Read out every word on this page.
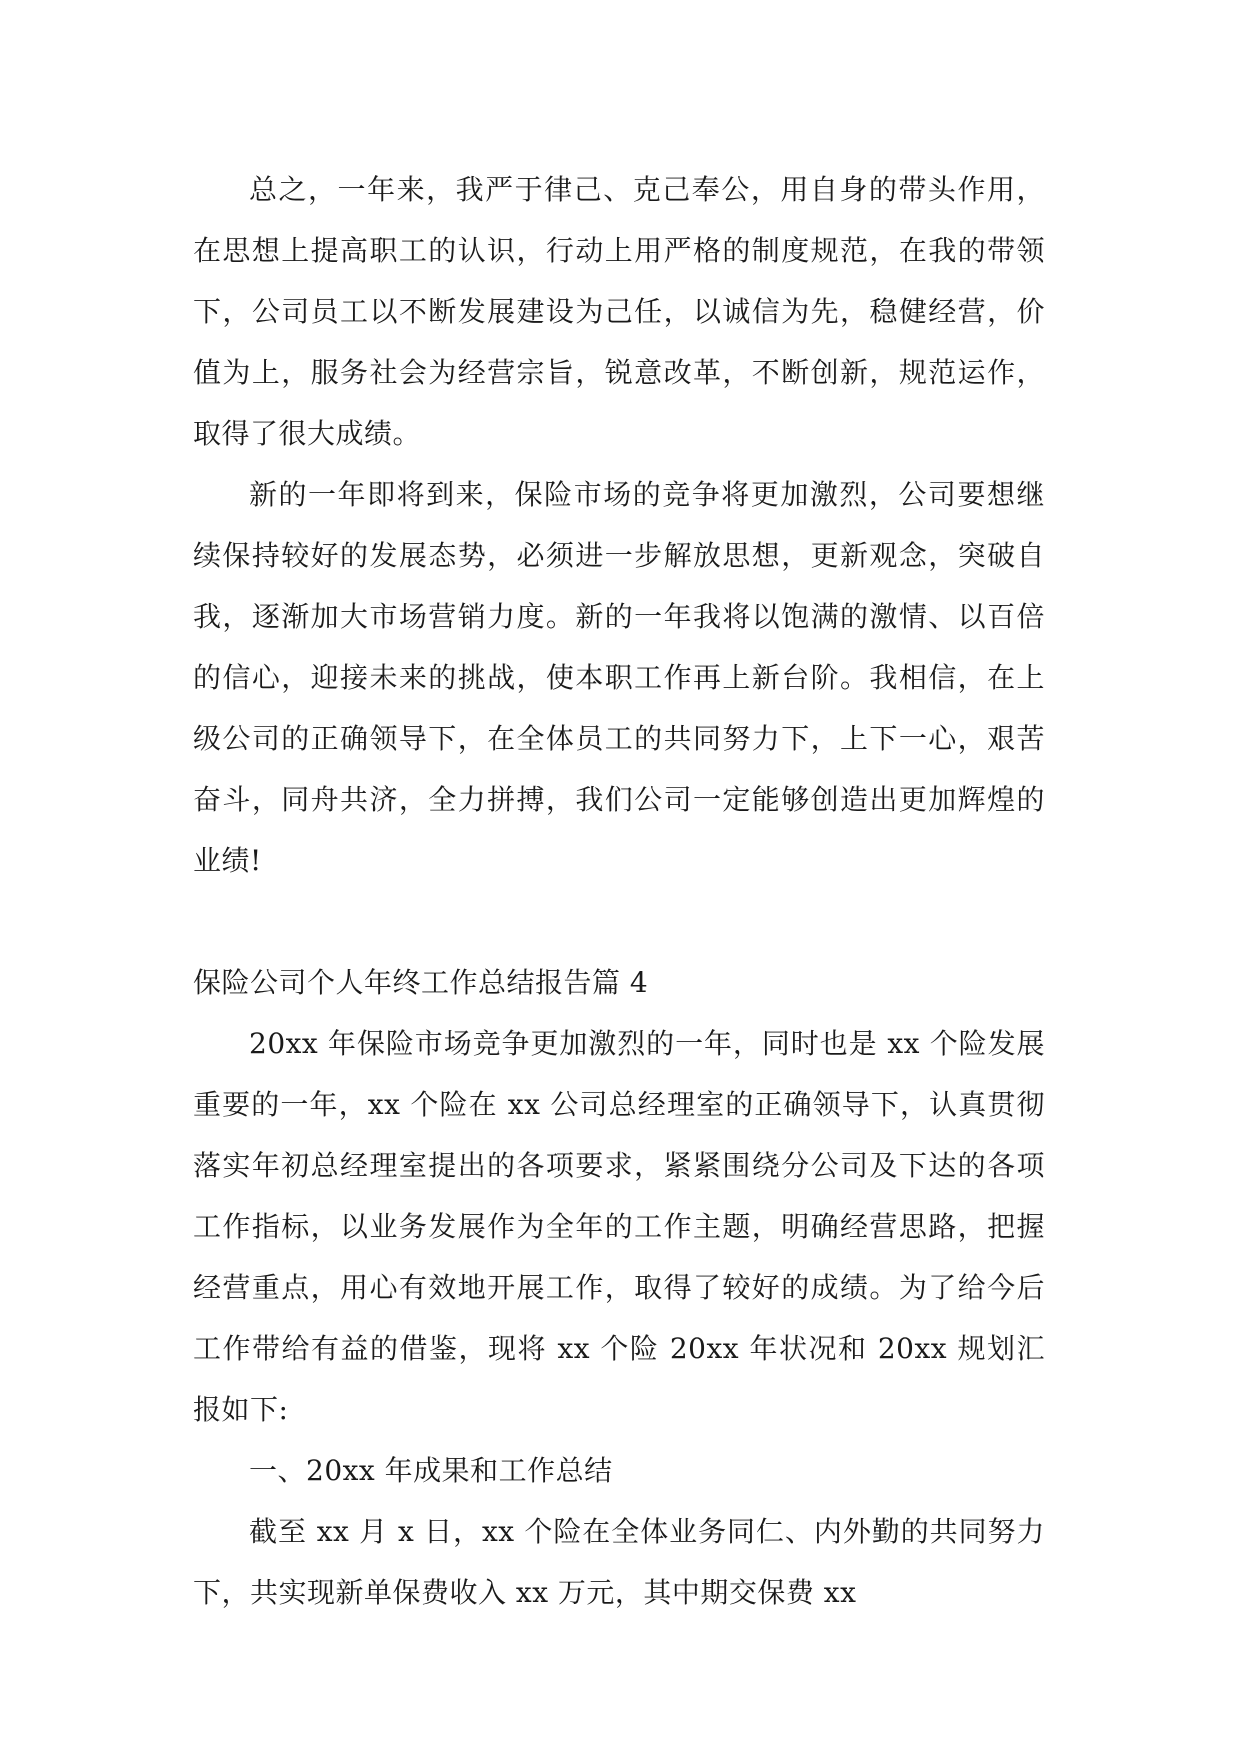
总之，一年来，我严于律己、克己奉公，用自身的带头作用，在思想上提高职工的认识，行动上用严格的制度规范，在我的带领下，公司员工以不断发展建设为己任，以诚信为先，稳健经营，价值为上，服务社会为经营宗旨，锐意改革，不断创新，规范运作，取得了很大成绩。

新的一年即将到来，保险市场的竞争将更加激烈，公司要想继续保持较好的发展态势，必须进一步解放思想，更新观念，突破自我，逐渐加大市场营销力度。新的一年我将以饱满的激情、以百倍的信心，迎接未来的挑战，使本职工作再上新台阶。我相信，在上级公司的正确领导下，在全体员工的共同努力下，上下一心，艰苦奋斗，同舟共济，全力拼搏，我们公司一定能够创造出更加辉煌的业绩!

保险公司个人年终工作总结报告篇 4

20xx 年保险市场竞争更加激烈的一年，同时也是 xx 个险发展重要的一年，xx 个险在 xx 公司总经理室的正确领导下，认真贯彻落实年初总经理室提出的各项要求，紧紧围绕分公司及下达的各项工作指标，以业务发展作为全年的工作主题，明确经营思路，把握经营重点，用心有效地开展工作，取得了较好的成绩。为了给今后工作带给有益的借鉴，现将 xx 个险 20xx 年状况和 20xx 规划汇报如下:

一、20xx 年成果和工作总结

截至 xx 月 x 日，xx 个险在全体业务同仁、内外勤的共同努力下，共实现新单保费收入 xx 万元，其中期交保费 xx
